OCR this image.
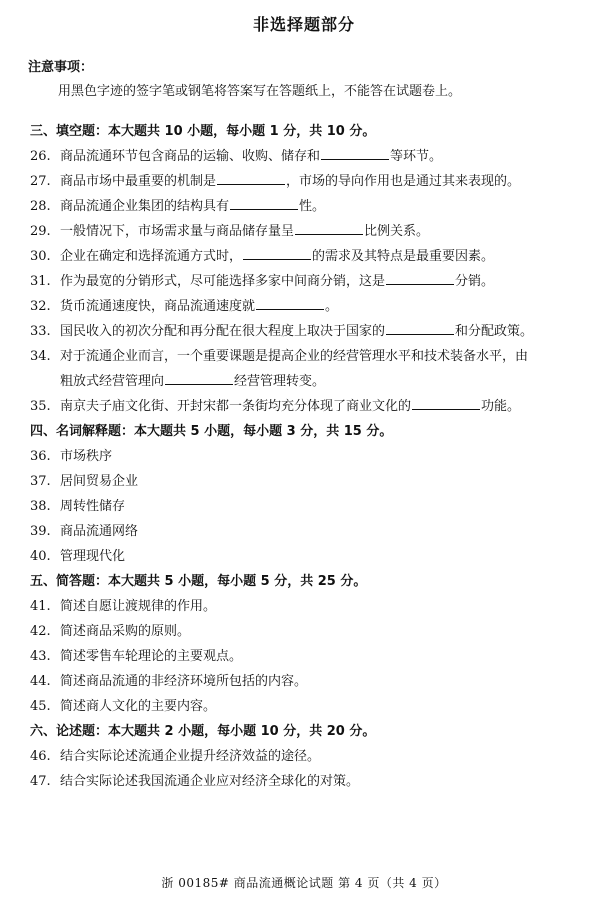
非选择题部分
注意事项：
用黑色字迹的签字笔或钢笔将答案写在答题纸上，不能答在试题卷上。
三、填空题：本大题共 10 小题，每小题 1 分，共 10 分。
26. 商品流通环节包含商品的运输、收购、储存和	等环节。
27. 商品市场中最重要的机制是	，市场的导向作用也是通过其来表现的。
28. 商品流通企业集团的结构具有	性。
29. 一般情况下，市场需求量与商品储存量呈	比例关系。
30. 企业在确定和选择流通方式时，	的需求及其特点是最重要因素。
31. 作为最宽的分销形式，尽可能选择多家中间商分销，这是	分销。
32. 货币流通速度快，商品流通速度就	。
33. 国民收入的初次分配和再分配在很大程度上取决于国家的	和分配政策。
34. 对于流通企业而言，一个重要课题是提高企业的经营管理水平和技术装备水平，由
粗放式经营管理向	经营管理转变。
35. 南京夫子庙文化街、开封宋都一条街均充分体现了商业文化的	功能。
四、名词解释题：本大题共 5 小题，每小题 3 分，共 15 分。
36. 市场秩序
37. 居间贸易企业
38. 周转性储存
39. 商品流通网络
40. 管理现代化
五、简答题：本大题共 5 小题，每小题 5 分，共 25 分。
41. 简述自愿让渡规律的作用。
42. 简述商品采购的原则。
43. 简述零售车轮理论的主要观点。
44. 简述商品流通的非经济环境所包括的内容。
45. 简述商人文化的主要内容。
六、论述题：本大题共 2 小题，每小题 10 分，共 20 分。
46. 结合实际论述流通企业提升经济效益的途径。
47. 结合实际论述我国流通企业应对经济全球化的对策。
浙 00185# 商品流通概论试题 第 4 页（共 4 页）
